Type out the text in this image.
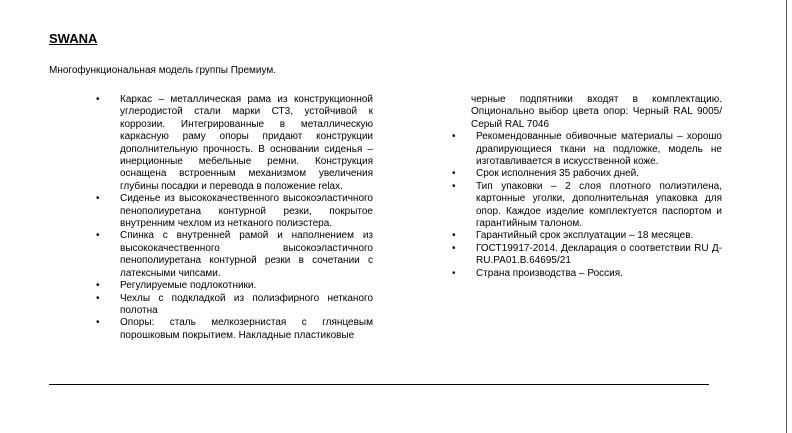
SWANA
Многофункциональная модель группы Премиум.
• Каркас – металлическая рама из конструкционной углеродистой стали марки СТ3, устойчивой к коррозии. Интегрированные в металлическую каркасную раму опоры придают конструкции дополнительную прочность. В основании сиденья – инерционные мебельные ремни. Конструкция оснащена встроенным механизмом увеличения глубины посадки и перевода в положение relax.
• Сиденье из высококачественного высокоэластичного пенополиуретана контурной резки, покрытое внутренним чехлом из нетканого полиэстера.
• Спинка с внутренней рамой и наполнением из высококачественного высокоэластичного пенополиуретана контурной резки в сочетании с латексными чипсами.
• Регулируемые подлокотники.
• Чехлы с подкладкой из полиэфирного нетканого полотна
• Опоры: сталь мелкозернистая с глянцевым порошковым покрытием. Накладные пластиковые
черные подпятники входят в комплектацию. Опционально выбор цвета опор: Черный RAL 9005/ Серый RAL 7046
• Рекомендованные обивочные материалы – хорошо драпирующиеся ткани на подложке, модель не изготавливается в искусственной коже.
• Срок исполнения 35 рабочих дней.
• Тип упаковки – 2 слоя плотного полиэтилена, картонные уголки, дополнительная упаковка для опор. Каждое изделие комплектуется паспортом и гарантийным талоном.
• Гарантийный срок эксплуатации – 18 месяцев.
• ГОСТ19917-2014. Декларация о соответствии RU Д-RU.PA01.B.64695/21
• Страна производства – Россия.
